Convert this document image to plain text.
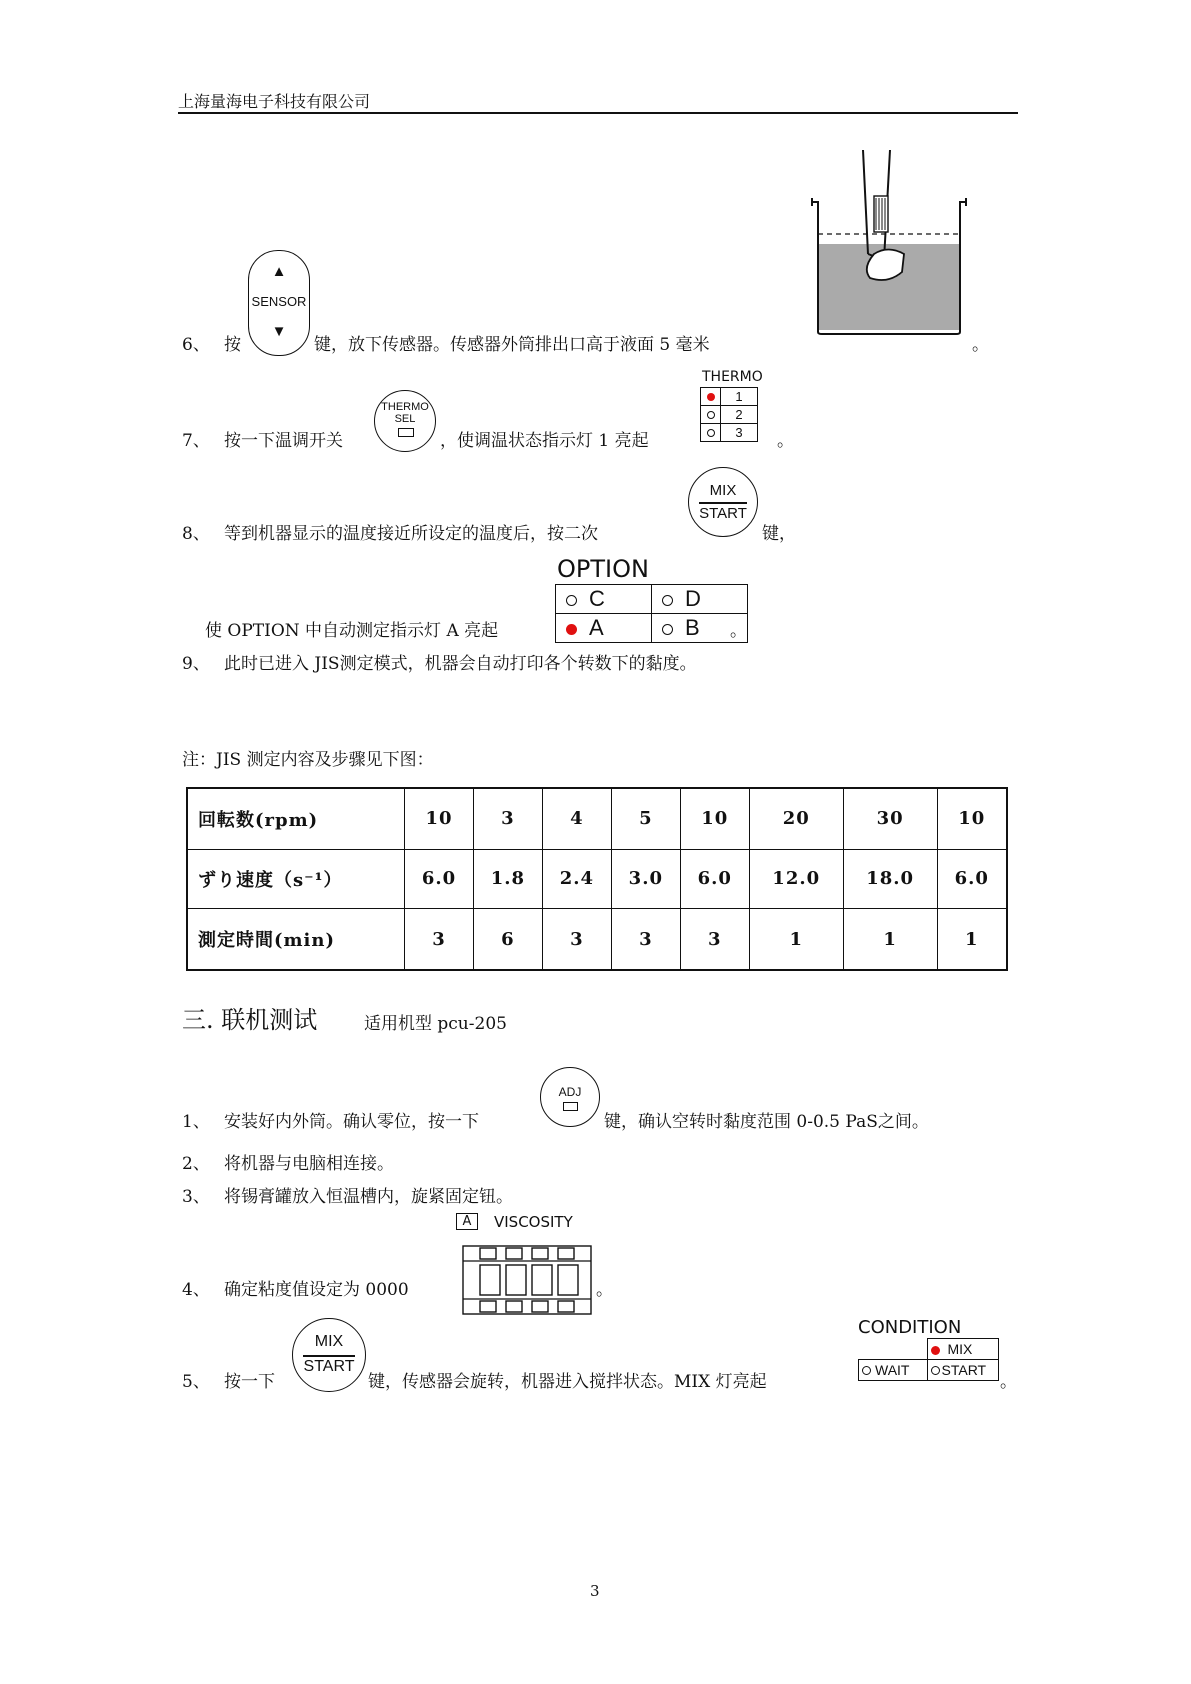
上海量海电子科技有限公司
6、 按
▲
SENSOR
▼
键，放下传感器。传感器外筒排出口高于液面 5 毫米	。
7、 按一下温调开关
THERMO
SEL
，使调温状态指示灯 1 亮起
THERMO
	1
	2
	3 。
8、 等到机器显示的温度接近所设定的温度后，按二次
MIX
START
键，
使 OPTION 中自动测定指示灯 A 亮起
OPTION
C	D
A	B 。
9、 此时已进入 JIS测定模式，机器会自动打印各个转数下的黏度。
注：JIS 测定内容及步骤见下图：
回転数(rpm)	10	3	4	5	10	20	30	10
ずり速度（s⁻¹）	6.0	1.8	2.4	3.0	6.0	12.0	18.0	6.0
測定時間(min)	3	6	3	3	3	1	1	1
三. 联机测试	适用机型 pcu-205
1、 安装好内外筒。确认零位，按一下
ADJ
键，确认空转时黏度范围 0-0.5 PaS之间。
2、 将机器与电脑相连接。
3、 将锡膏罐放入恒温槽内，旋紧固定钮。
A	VISCOSITY
4、 确定粘度值设定为 0000	。
5、 按一下
MIX
START
键，传感器会旋转，机器进入搅拌状态。MIX 灯亮起
CONDITION
	MIX
WAIT	START
。
3
